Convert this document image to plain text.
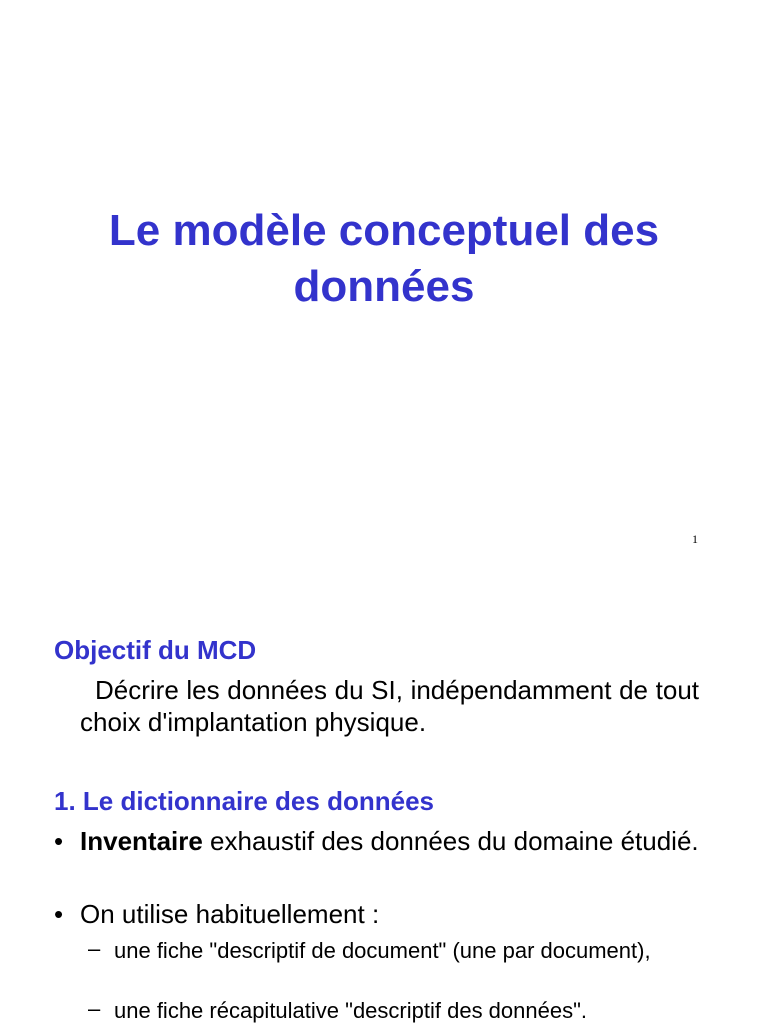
Le modèle conceptuel des données
1
Objectif du MCD
Décrire les données du SI, indépendamment de tout choix d'implantation physique.
1. Le dictionnaire des données
• Inventaire exhaustif des données du domaine étudié.
• On utilise habituellement :
– une fiche "descriptif de document" (une par document),
– une fiche récapitulative "descriptif des données".
